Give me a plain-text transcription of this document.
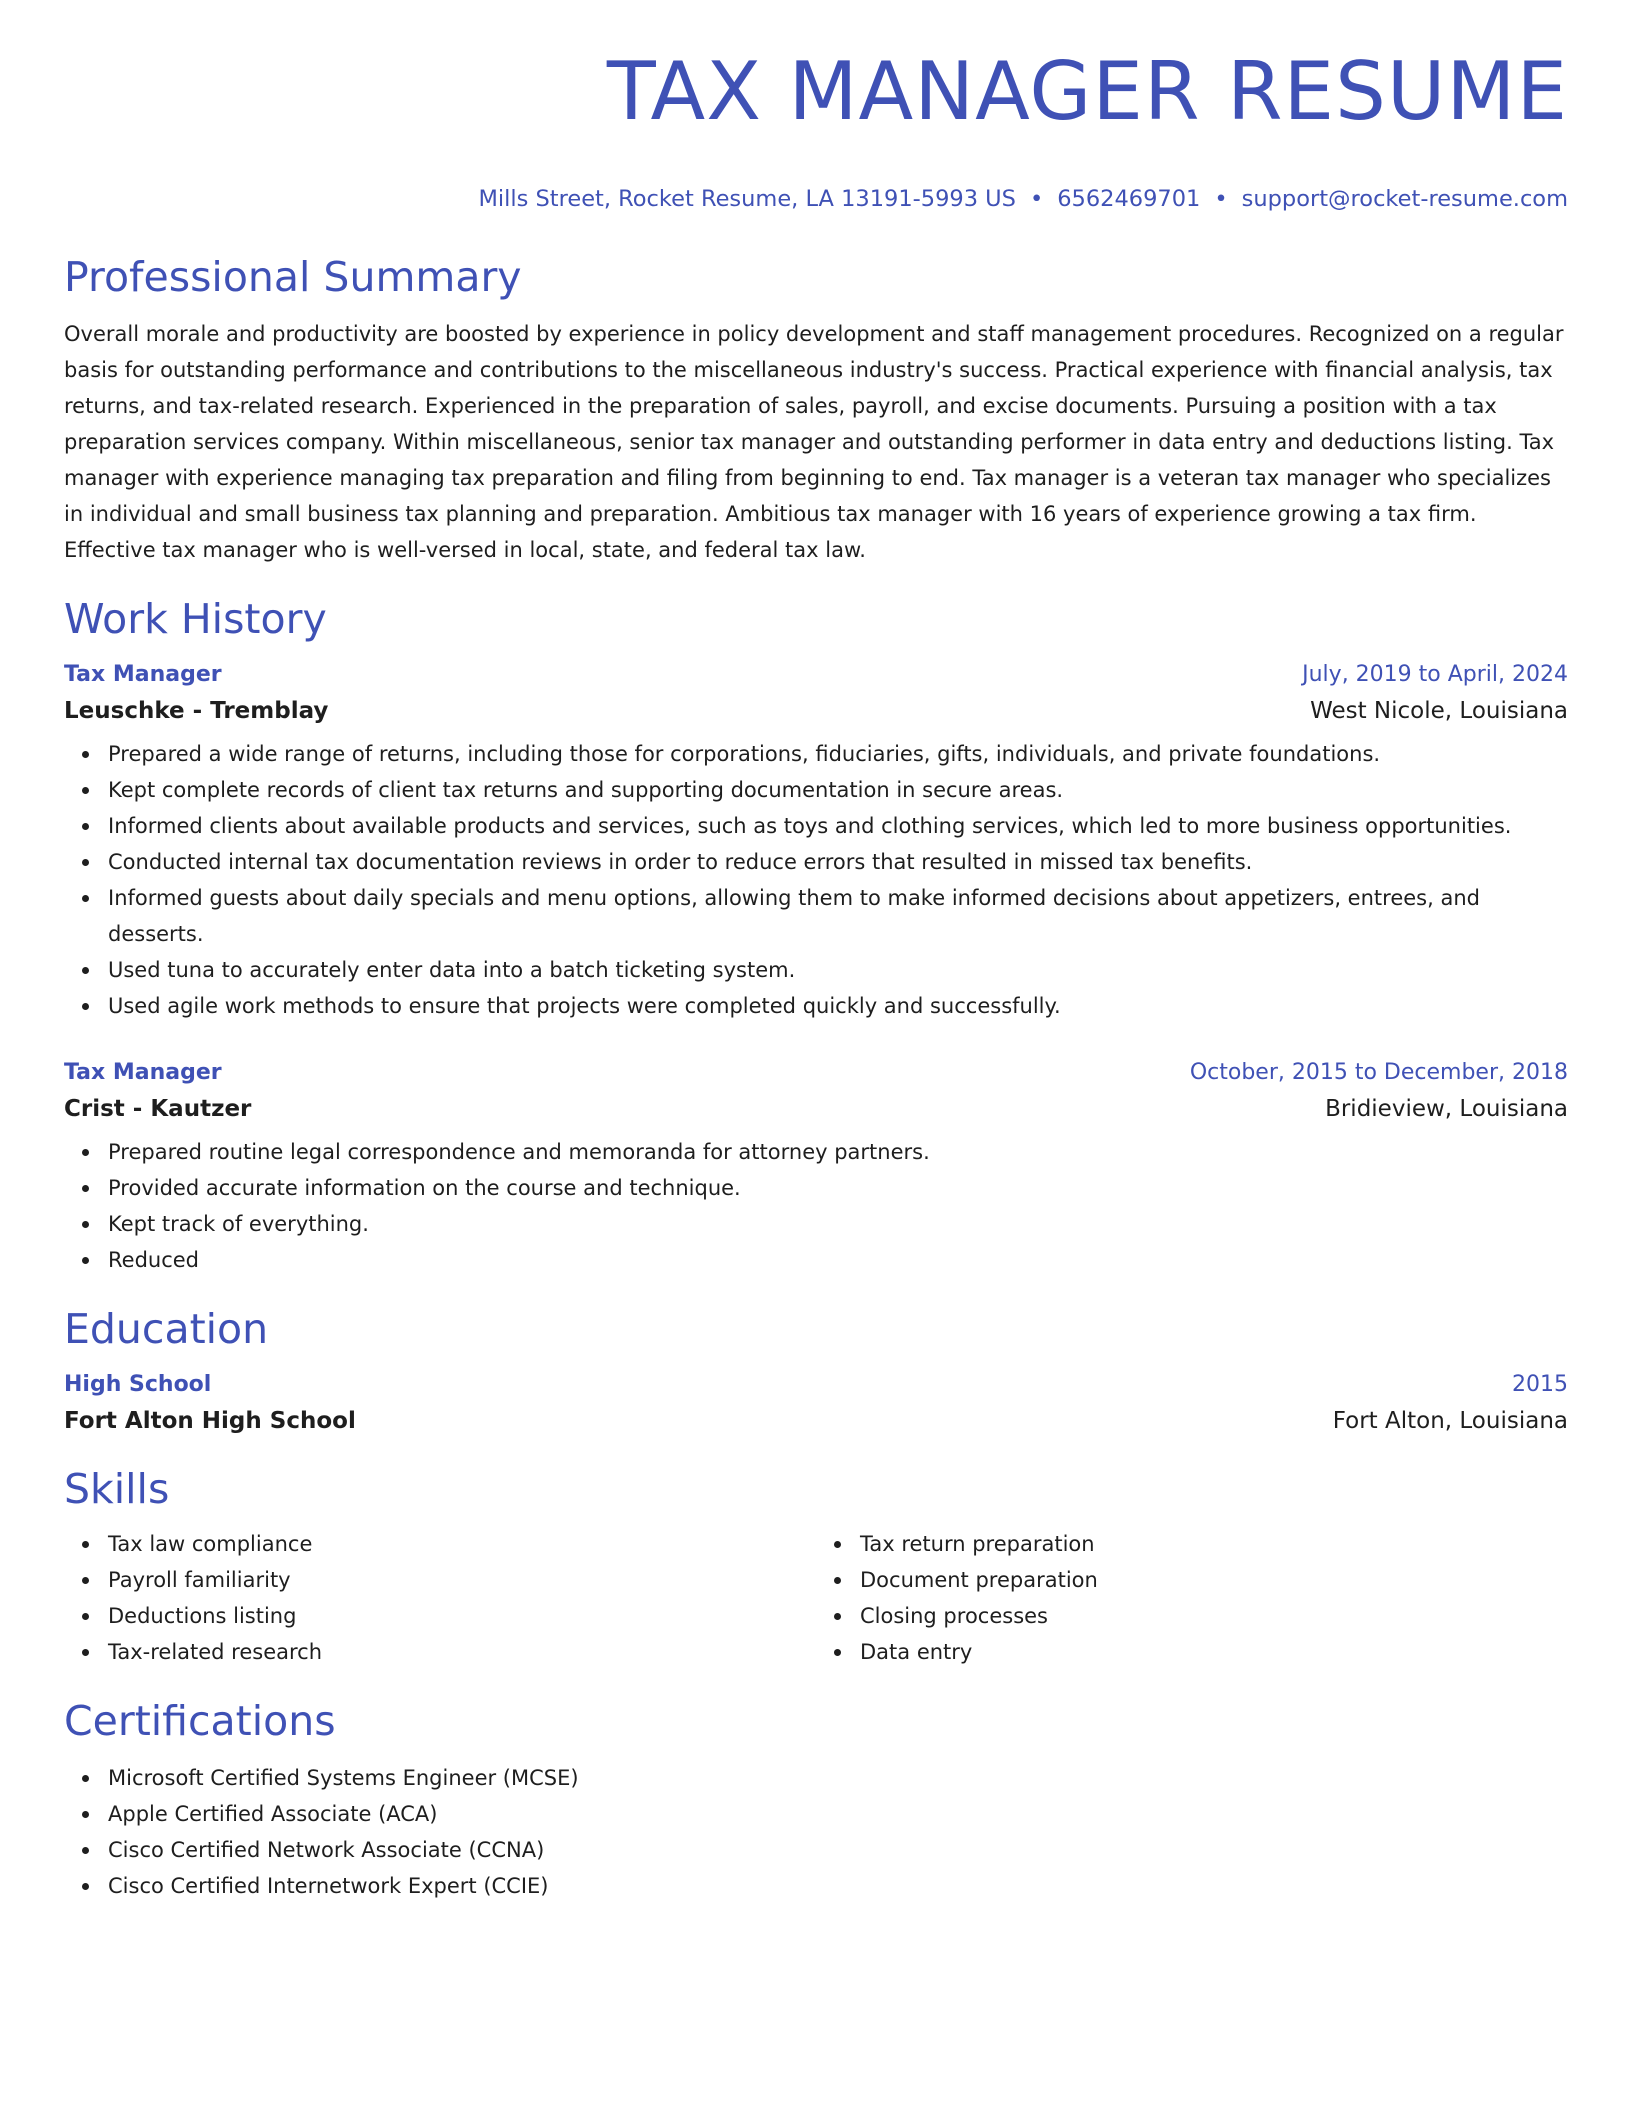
TAX MANAGER RESUME
Mills Street, Rocket Resume, LA 13191-5993 US • 6562469701 • support@rocket-resume.com
Professional Summary
Overall morale and productivity are boosted by experience in policy development and staff management procedures. Recognized on a regular basis for outstanding performance and contributions to the miscellaneous industry's success. Practical experience with financial analysis, tax returns, and tax-related research. Experienced in the preparation of sales, payroll, and excise documents. Pursuing a position with a tax preparation services company. Within miscellaneous, senior tax manager and outstanding performer in data entry and deductions listing. Tax manager with experience managing tax preparation and filing from beginning to end. Tax manager is a veteran tax manager who specializes in individual and small business tax planning and preparation. Ambitious tax manager with 16 years of experience growing a tax firm. Effective tax manager who is well-versed in local, state, and federal tax law.
Work History
Tax Manager	July, 2019 to April, 2024
Leuschke - Tremblay	West Nicole, Louisiana
Prepared a wide range of returns, including those for corporations, fiduciaries, gifts, individuals, and private foundations.
Kept complete records of client tax returns and supporting documentation in secure areas.
Informed clients about available products and services, such as toys and clothing services, which led to more business opportunities.
Conducted internal tax documentation reviews in order to reduce errors that resulted in missed tax benefits.
Informed guests about daily specials and menu options, allowing them to make informed decisions about appetizers, entrees, and desserts.
Used tuna to accurately enter data into a batch ticketing system.
Used agile work methods to ensure that projects were completed quickly and successfully.
Tax Manager	October, 2015 to December, 2018
Crist - Kautzer	Bridieview, Louisiana
Prepared routine legal correspondence and memoranda for attorney partners.
Provided accurate information on the course and technique.
Kept track of everything.
Reduced
Education
High School	2015
Fort Alton High School	Fort Alton, Louisiana
Skills
Tax law compliance
Payroll familiarity
Deductions listing
Tax-related research
Tax return preparation
Document preparation
Closing processes
Data entry
Certifications
Microsoft Certified Systems Engineer (MCSE)
Apple Certified Associate (ACA)
Cisco Certified Network Associate (CCNA)
Cisco Certified Internetwork Expert (CCIE)
